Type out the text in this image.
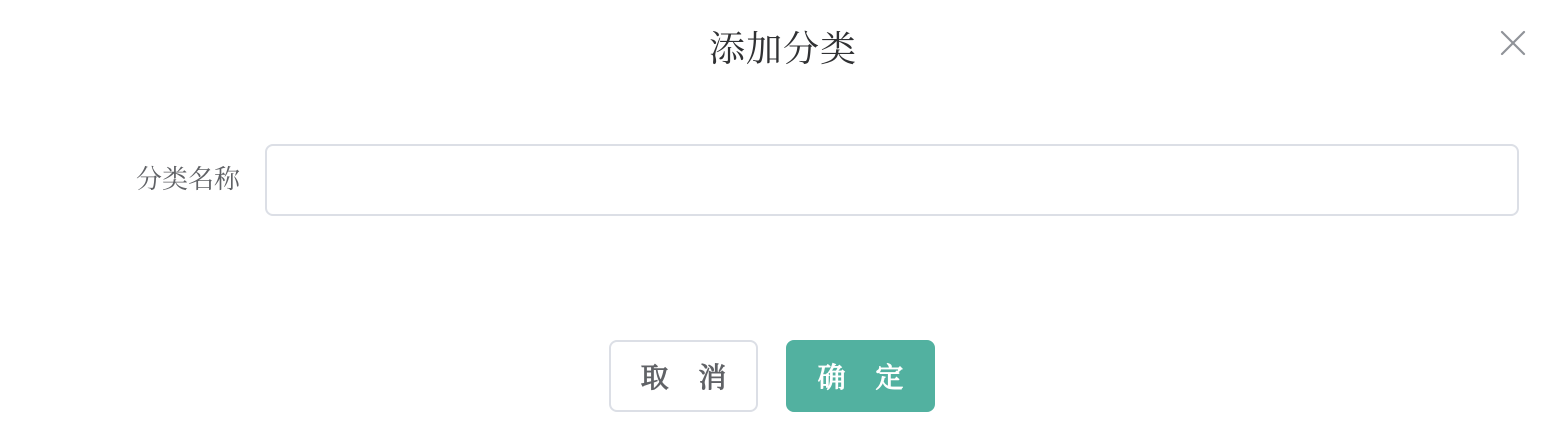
添加分类
分类名称
取 消	确 定
